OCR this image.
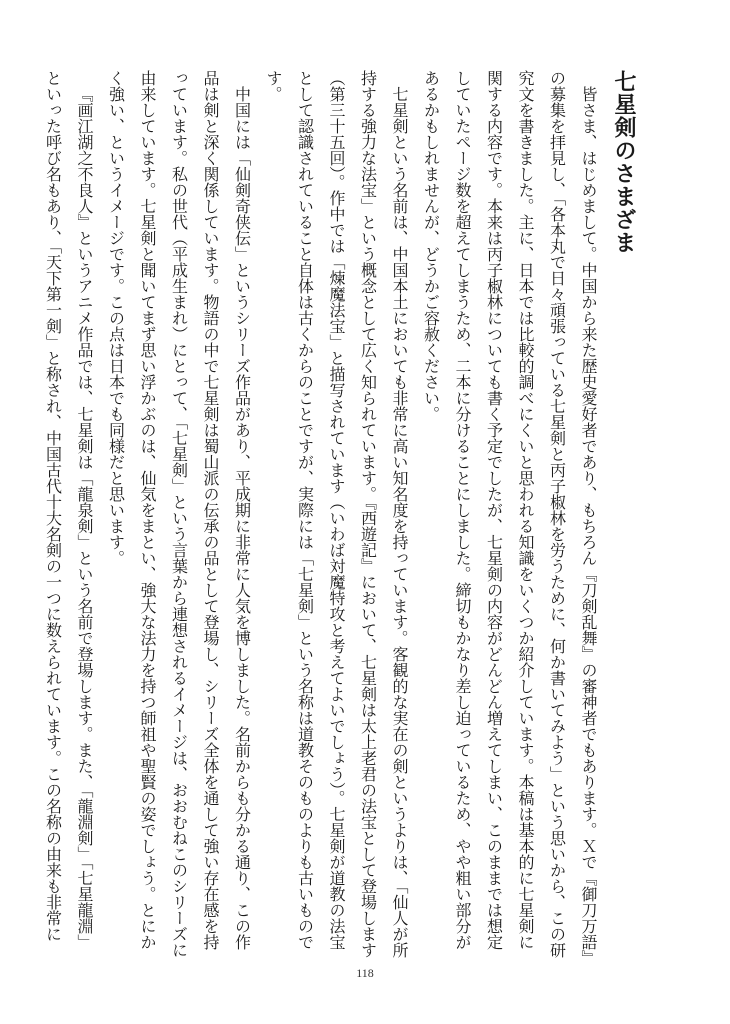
七星剣のさまざま

皆さま、はじめまして。中国から来た歴史愛好者であり、もちろん『刀剣乱舞』の審神者でもあります。Ｘで『御刀万語』の募集を拝見し、「各本丸で日々頑張っている七星剣と丙子椒林を労うために、何か書いてみよう」という思いから、この研究文を書きました。主に、日本では比較的調べにくいと思われる知識をいくつか紹介しています。本稿は基本的に七星剣に関する内容です。本来は丙子椒林についても書く予定でしたが、七星剣の内容がどんどん増えてしまい、このままでは想定していたページ数を超えてしまうため、二本に分けることにしました。締切もかなり差し迫っているため、やや粗い部分があるかもしれませんが、どうかご容赦ください。

七星剣という名前は、中国本土においても非常に高い知名度を持っています。客観的な実在の剣というよりは、「仙人が所持する強力な法宝」という概念として広く知られています。『西遊記』において、七星剣は太上老君の法宝として登場します（第三十五回）。作中では「煉魔法宝」と描写されています（いわば対魔特攻と考えてよいでしょう）。七星剣が道教の法宝として認識されていること自体は古くからのことですが、実際には「七星剣」という名称は道教そのものよりも古いものです。

中国には「仙剣奇侠伝」というシリーズ作品があり、平成期に非常に人気を博しました。名前からも分かる通り、この作品は剣と深く関係しています。物語の中で七星剣は蜀山派の伝承の品として登場し、シリーズ全体を通して強い存在感を持っています。私の世代（平成生まれ）にとって、「七星剣」という言葉から連想されるイメージは、おおむねこのシリーズに由来しています。七星剣と聞いてまず思い浮かぶのは、仙気をまとい、強大な法力を持つ師祖や聖賢の姿でしょう。とにかく強い、というイメージです。この点は日本でも同様だと思います。

『画江湖之不良人』というアニメ作品では、七星剣は「龍泉剣」という名前で登場します。また、「龍淵剣」「七星龍淵」といった呼び名もあり、「天下第一剣」と称され、中国古代十大名剣の一つに数えられています。この名称の由来も非常に

118
